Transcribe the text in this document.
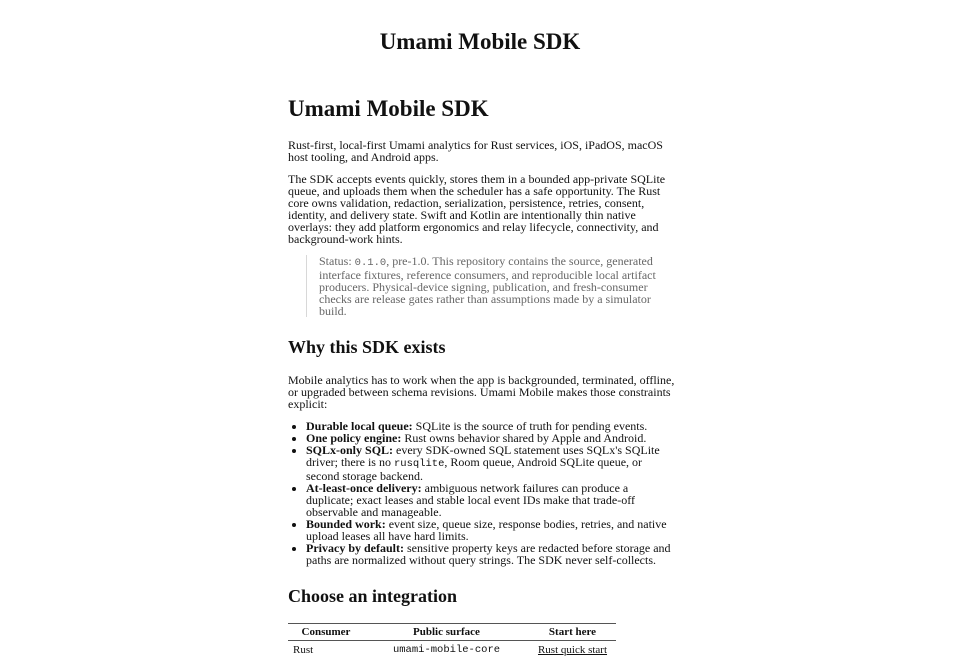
Umami Mobile SDK
Umami Mobile SDK

Rust-first, local-first Umami analytics for Rust services, iOS, iPadOS, macOS host tooling, and Android apps.

The SDK accepts events quickly, stores them in a bounded app-private SQLite queue, and uploads them when the scheduler has a safe opportunity. The Rust core owns validation, redaction, serialization, persistence, retries, consent, identity, and delivery state. Swift and Kotlin are intentionally thin native overlays: they add platform ergonomics and relay lifecycle, connectivity, and background-work hints.

Status: 0.1.0, pre-1.0. This repository contains the source, generated interface fixtures, reference consumers, and reproducible local artifact producers. Physical-device signing, publication, and fresh-consumer checks are release gates rather than assumptions made by a simulator build.
Why this SDK exists

Mobile analytics has to work when the app is backgrounded, terminated, offline, or upgraded between schema revisions. Umami Mobile makes those constraints explicit:

• Durable local queue: SQLite is the source of truth for pending events.
• One policy engine: Rust owns behavior shared by Apple and Android.
• SQLx-only SQL: every SDK-owned SQL statement uses SQLx's SQLite driver; there is no rusqlite, Room queue, Android SQLite queue, or second storage backend.
• At-least-once delivery: ambiguous network failures can produce a duplicate; exact leases and stable local event IDs make that trade-off observable and manageable.
• Bounded work: event size, queue size, response bodies, retries, and native upload leases all have hard limits.
• Privacy by default: sensitive property keys are redacted before storage and paths are normalized without query strings. The SDK never self-collects.
Choose an integration
Consumer	Public surface	Start here
Rust	umami-mobile-core	Rust quick start
